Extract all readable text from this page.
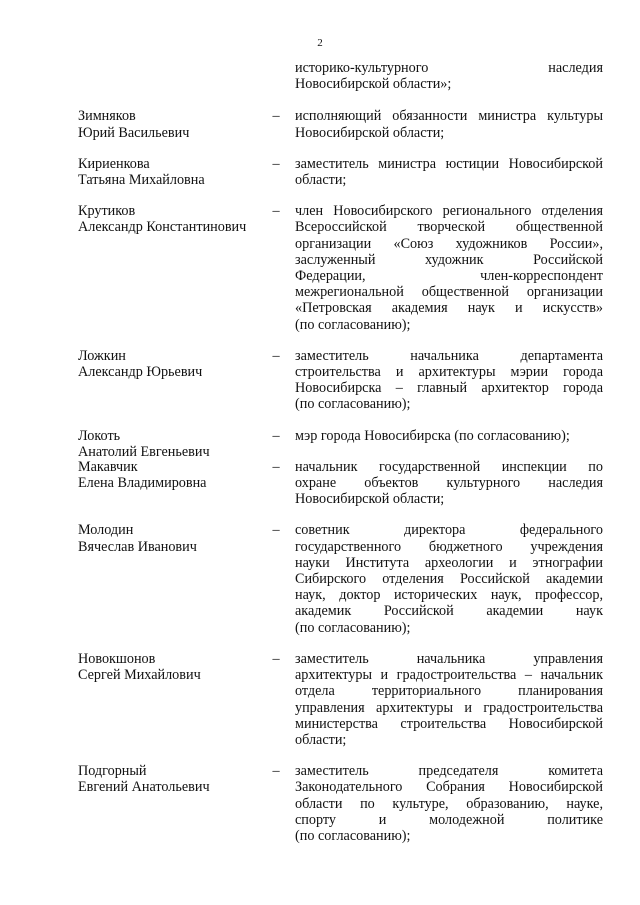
2
историко-культурного наследия
Новосибирской области»;
Зимняков
Юрий Васильевич
–	исполняющий обязанности министра культуры
Новосибирской области;
Кириенкова
Татьяна Михайловна
–	заместитель министра юстиции Новосибирской
области;
Крутиков
Александр Константинович
–	член Новосибирского регионального отделения
Всероссийской творческой общественной
организации «Союз художников России»,
заслуженный художник Российской
Федерации, член-корреспондент
межрегиональной общественной организации
«Петровская академия наук и искусств»
(по согласованию);
Ложкин
Александр Юрьевич
–	заместитель начальника департамента
строительства и архитектуры мэрии города
Новосибирска – главный архитектор города
(по согласованию);
Локоть
Анатолий Евгеньевич
–	мэр города Новосибирска (по согласованию);
Макавчик
Елена Владимировна
–	начальник государственной инспекции по
охране объектов культурного наследия
Новосибирской области;
Молодин
Вячеслав Иванович
–	советник директора федерального
государственного бюджетного учреждения
науки Института археологии и этнографии
Сибирского отделения Российской академии
наук, доктор исторических наук, профессор,
академик Российской академии наук
(по согласованию);
Новокшонов
Сергей Михайлович
–	заместитель начальника управления
архитектуры и градостроительства – начальник
отдела территориального планирования
управления архитектуры и градостроительства
министерства строительства Новосибирской
области;
Подгорный
Евгений Анатольевич
–	заместитель председателя комитета
Законодательного Собрания Новосибирской
области по культуре, образованию, науке,
спорту и молодежной политике
(по согласованию);
